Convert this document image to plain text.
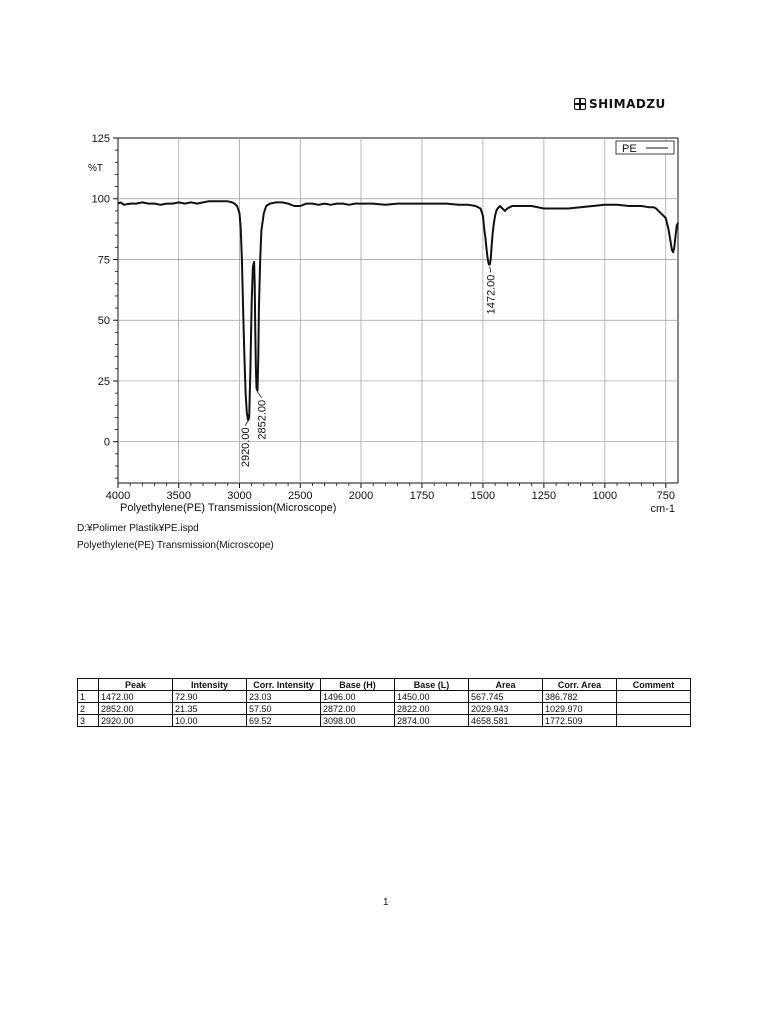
SHIMADZU
125
100
75
50
25
0
%T
4000	3500	3000	2500	2000	1750	1500	1250	1000	750
Polyethylene(PE) Transmission(Microscope)	cm-1
2920.00
2852.00
1472.00
PE
D:¥Polimer Plastik¥PE.ispd
Polyethylene(PE) Transmission(Microscope)
	Peak	Intensity	Corr. Intensity	Base (H)	Base (L)	Area	Corr. Area	Comment
1	1472.00	72.90	23.03	1496.00	1450.00	567.745	386.782	
2	2852.00	21.35	57.50	2872.00	2822.00	2029.943	1029.970	
3	2920.00	10.00	69.52	3098.00	2874.00	4658.581	1772.509	
1
